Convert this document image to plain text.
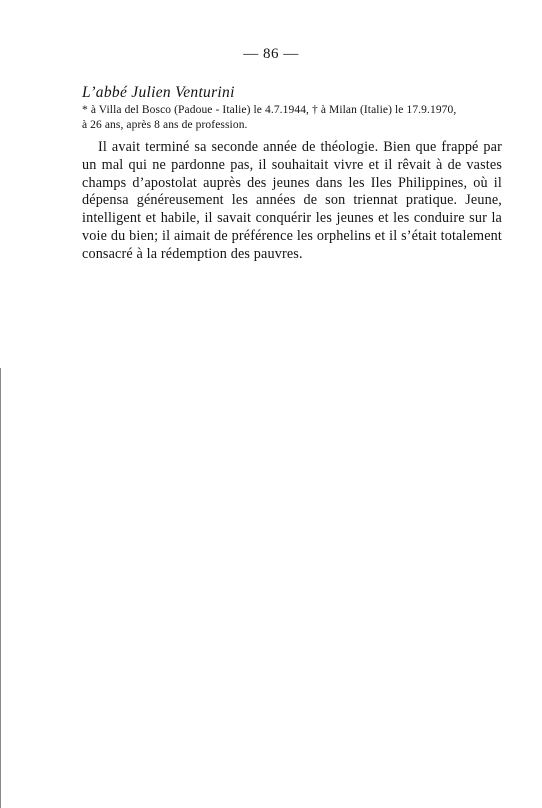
— 86 —

L’abbé Julien Venturini

* à Villa del Bosco (Padoue - Italie) le 4.7.1944, † à Milan (Italie) le 17.9.1970,
à 26 ans, après 8 ans de profession.

Il avait terminé sa seconde année de théologie. Bien que frappé par un mal qui ne pardonne pas, il souhaitait vivre et il rêvait à de vastes champs d’apostolat auprès des jeunes dans les Iles Philippines, où il dépensa généreusement les années de son triennat pratique. Jeune, intelligent et habile, il savait conquérir les jeunes et les conduire sur la voie du bien; il aimait de préférence les orphelins et il s’était totalement consacré à la rédemption des pauvres.
